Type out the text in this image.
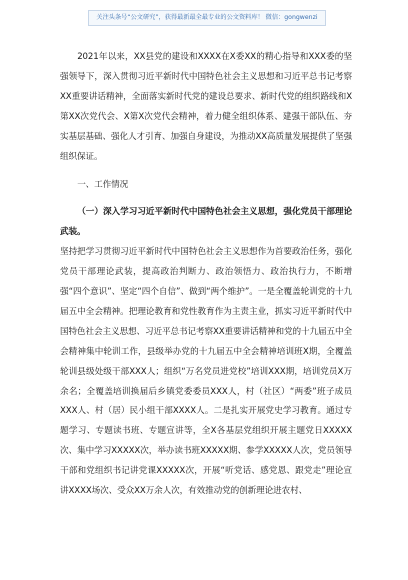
关注头条号“公文研究”，获得最新最全最专业的公文资料库！ 微信：gongwenzi

2021年以来，XX县党的建设和XXXX在X委XX的精心指导和XXX委的坚强领导下，深入贯彻习近平新时代中国特色社会主义思想和习近平总书记考察XX重要讲话精神，全面落实新时代党的建设总要求、新时代党的组织路线和X第XX次党代会、X第X次党代会精神，着力健全组织体系、建强干部队伍、夯实基层基础、强化人才引育、加强自身建设，为推动XX高质量发展提供了坚强组织保证。

一、工作情况

（一）深入学习习近平新时代中国特色社会主义思想，强化党员干部理论武装。

坚持把学习贯彻习近平新时代中国特色社会主义思想作为首要政治任务，强化党员干部理论武装，提高政治判断力、政治领悟力、政治执行力，不断增强“四个意识”、坚定“四个自信”、做到“两个维护”。一是全覆盖轮训党的十九届五中全会精神。把理论教育和党性教育作为主责主业，抓实习近平新时代中国特色社会主义思想、习近平总书记考察XX重要讲话精神和党的十九届五中全会精神集中轮训工作，县级举办党的十九届五中全会精神培训班X期，全覆盖轮训县级处级干部XXX人；组织“万名党员进党校”培训XXX期，培训党员X万余名；全覆盖培训换届后乡镇党委委员XXX人，村（社区）“两委”班子成员XXX人、村（居）民小组干部XXXX人。二是扎实开展党史学习教育。通过专题学习、专题读书班、专题宣讲等，全X各基层党组织开展主题党日XXXXX次、集中学习XXXXX次，举办读书班XXXXX期、参学XXXXX人次，党员领导干部和党组织书记讲党课XXXXX次，开展“听党话、感党恩、跟党走”理论宣讲XXXX场次、受众XX万余人次，有效推动党的创新理论进农村、
